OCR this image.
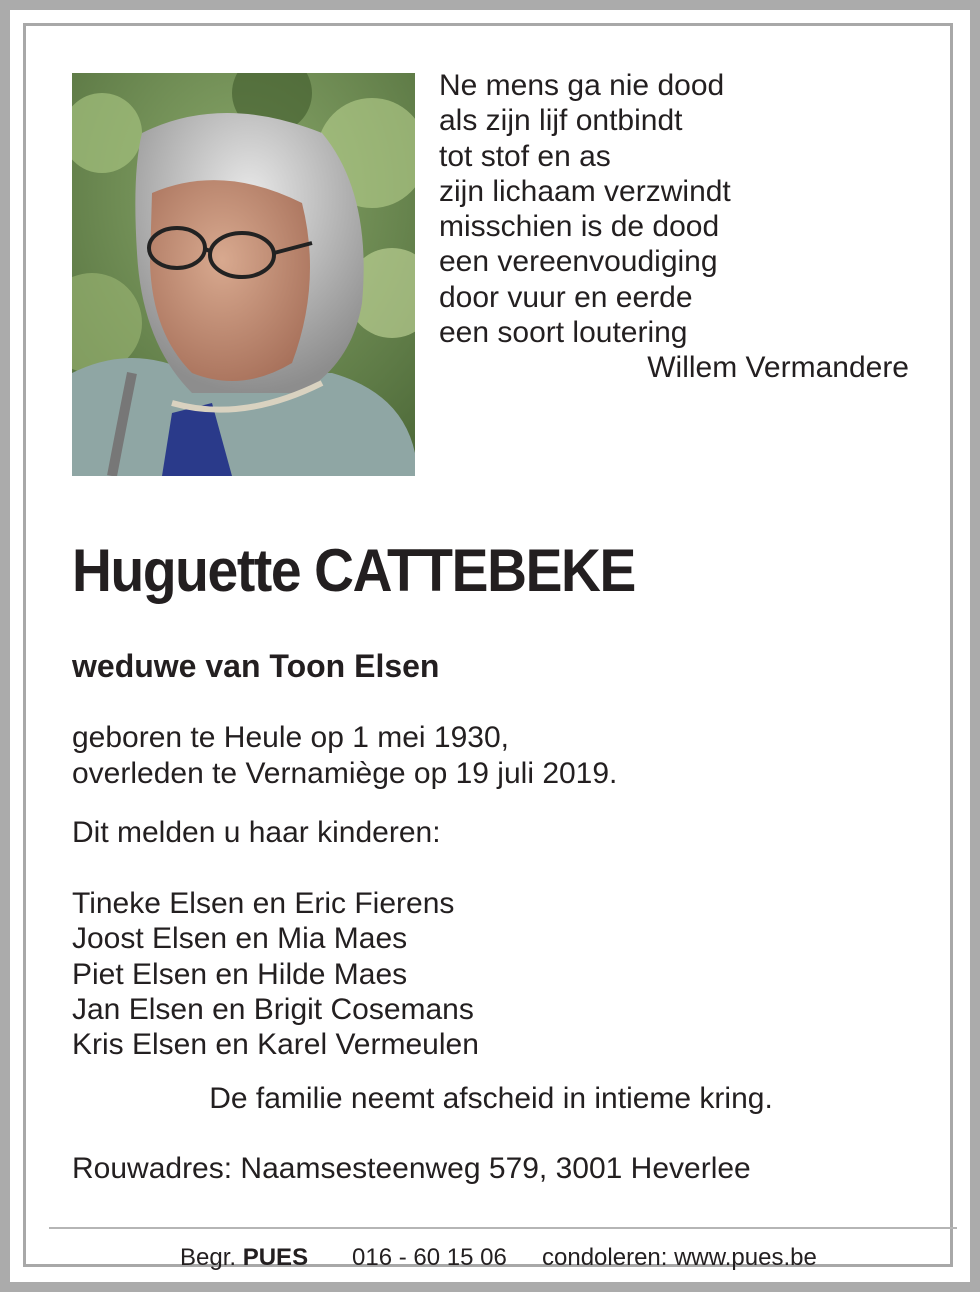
Ne mens ga nie dood
als zijn lijf ontbindt
tot stof en as
zijn lichaam verzwindt
misschien is de dood
een vereenvoudiging
door vuur en eerde
een soort loutering
Willem Vermandere
Huguette CATTEBEKE
weduwe van Toon Elsen
geboren te Heule op 1 mei 1930,
overleden te Vernamiège op 19 juli 2019.
Dit melden u haar kinderen:
Tineke Elsen en Eric Fierens
Joost Elsen en Mia Maes
Piet Elsen en Hilde Maes
Jan Elsen en Brigit Cosemans
Kris Elsen en Karel Vermeulen
De familie neemt afscheid in intieme kring.
Rouwadres: Naamsesteenweg 579, 3001 Heverlee
Begr. PUES 016 - 60 15 06 condoleren: www.pues.be
